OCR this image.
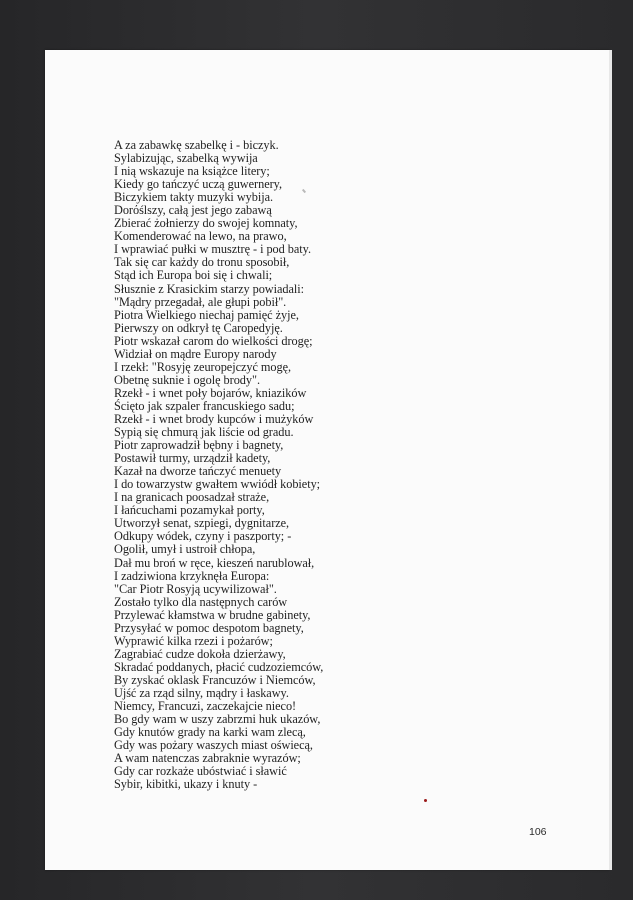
A za zabawkę szabelkę i - biczyk.
Sylabizując, szabelką wywija
I nią wskazuje na książce litery;
Kiedy go tańczyć uczą guwernery,
Biczykiem takty muzyki wybija.
Dorόślszy, całą jest jego zabawą
Zbierać żołnierzy do swojej komnaty,
Komenderować na lewo, na prawo,
I wprawiać pułki w musztrę - i pod baty.
Tak się car każdy do tronu sposobił,
Stąd ich Europa boi się i chwali;
Słusznie z Krasickim starzy powiadali:
"Mądry przegadał, ale głupi pobił".
Piotra Wielkiego niechaj pamięć żyje,
Pierwszy on odkrył tę Caropedyję.
Piotr wskazał carom do wielkości drogę;
Widział on mądre Europy narody
I rzekł: "Rosyję zeuropejczyć mogę,
Obetnę suknie i ogolę brody".
Rzekł - i wnet poły bojarów, kniazików
Ścięto jak szpaler francuskiego sadu;
Rzekł - i wnet brody kupców i mużyków
Sypią się chmurą jak liście od gradu.
Piotr zaprowadził bębny i bagnety,
Postawił turmy, urządził kadety,
Kazał na dworze tańczyć menuety
I do towarzystw gwałtem wwiódł kobiety;
I na granicach poosadzał straże,
I łańcuchami pozamykał porty,
Utworzył senat, szpiegi, dygnitarze,
Odkupy wódek, czyny i paszporty; -
Ogolił, umył i ustroił chłopa,
Dał mu broń w ręce, kieszeń narublował,
I zadziwiona krzyknęła Europa:
"Car Piotr Rosyją ucywilizował".
Zostało tylko dla następnych carów
Przylewać kłamstwa w brudne gabinety,
Przysyłać w pomoc despotom bagnety,
Wyprawić kilka rzezi i pożarów;
Zagrabiać cudze dokoła dzierżawy,
Skradać poddanych, płacić cudzoziemców,
By zyskać oklask Francuzów i Niemców,
Ujść za rząd silny, mądry i łaskawy.
Niemcy, Francuzi, zaczekajcie nieco!
Bo gdy wam w uszy zabrzmi huk ukazów,
Gdy knutów grady na karki wam zlecą,
Gdy was pożary waszych miast oświecą,
A wam natenczas zabraknie wyrazów;
Gdy car rozkaże ubóstwiać i sławić
Sybir, kibitki, ukazy i knuty -
106
